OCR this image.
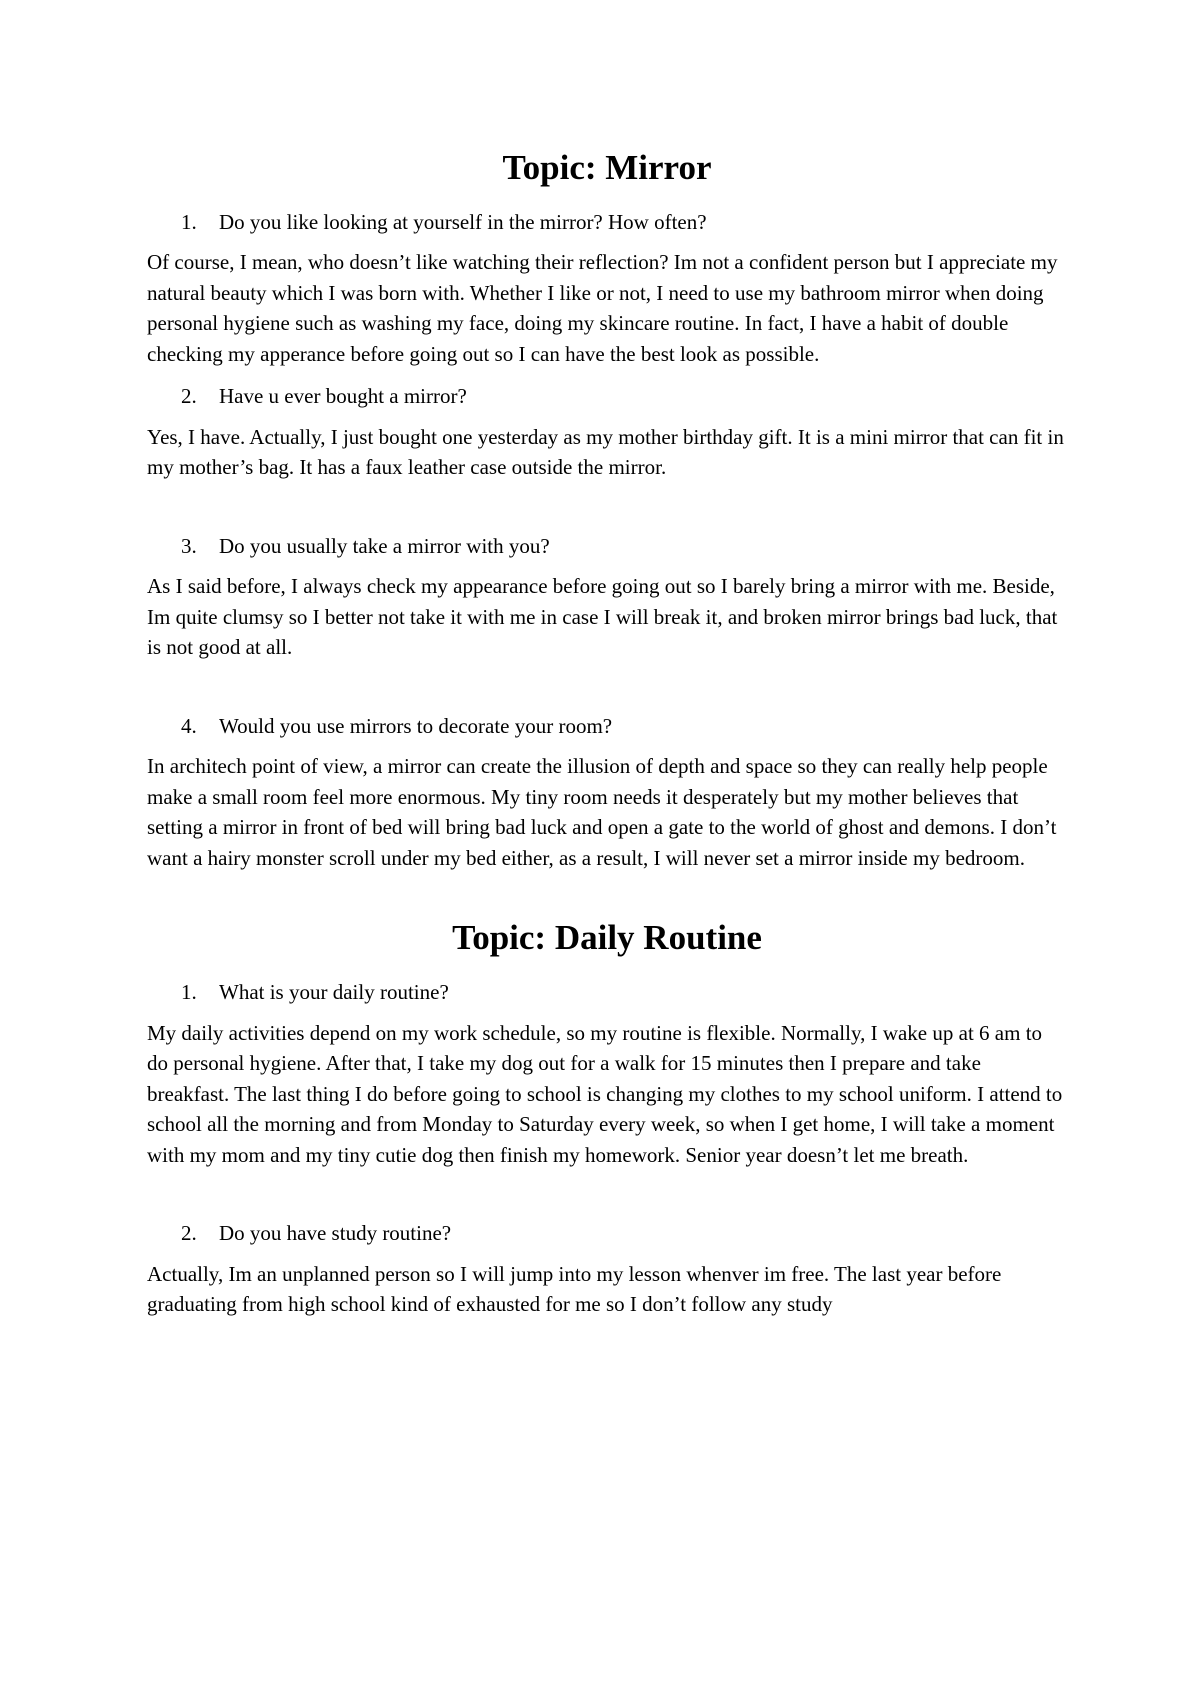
Topic: Mirror

1.	Do you like looking at yourself in the mirror? How often?

Of course, I mean, who doesn’t like watching their reflection? Im not a confident person but I appreciate my natural beauty which I was born with. Whether I like or not, I need to use my bathroom mirror when doing personal hygiene such as washing my face, doing my skincare routine. In fact, I have a habit of double checking my apperance before going out so I can have the best look as possible.

2.	Have u ever bought a mirror?

Yes, I have. Actually, I just bought one yesterday as my mother birthday gift. It is a mini mirror that can fit in my mother’s bag. It has a faux leather case outside the mirror.

3.	Do you usually take a mirror with you?

As I said before, I always check my appearance before going out so I barely bring a mirror with me. Beside, Im quite clumsy so I better not take it with me in case I will break it, and broken mirror brings bad luck, that is not good at all.

4.	Would you use mirrors to decorate your room?

In architech point of view, a mirror can create the illusion of depth and space so they can really help people make a small room feel more enormous. My tiny room needs it desperately but my mother believes that setting a mirror in front of bed will bring bad luck and open a gate to the world of ghost and demons. I don’t want a hairy monster scroll under my bed either, as a result, I will never set a mirror inside my bedroom.

Topic: Daily Routine

1.	What is your daily routine?

My daily activities depend on my work schedule, so my routine is flexible. Normally, I wake up at 6 am to do personal hygiene. After that, I take my dog out for a walk for 15 minutes then I prepare and take breakfast. The last thing I do before going to school is changing my clothes to my school uniform. I attend to school all the morning and from Monday to Saturday every week, so when I get home, I will take a moment with my mom and my tiny cutie dog then finish my homework. Senior year doesn’t let me breath.

2.	Do you have study routine?

Actually, Im an unplanned person so I will jump into my lesson whenver im free. The last year before graduating from high school kind of exhausted for me so I don’t follow any study
